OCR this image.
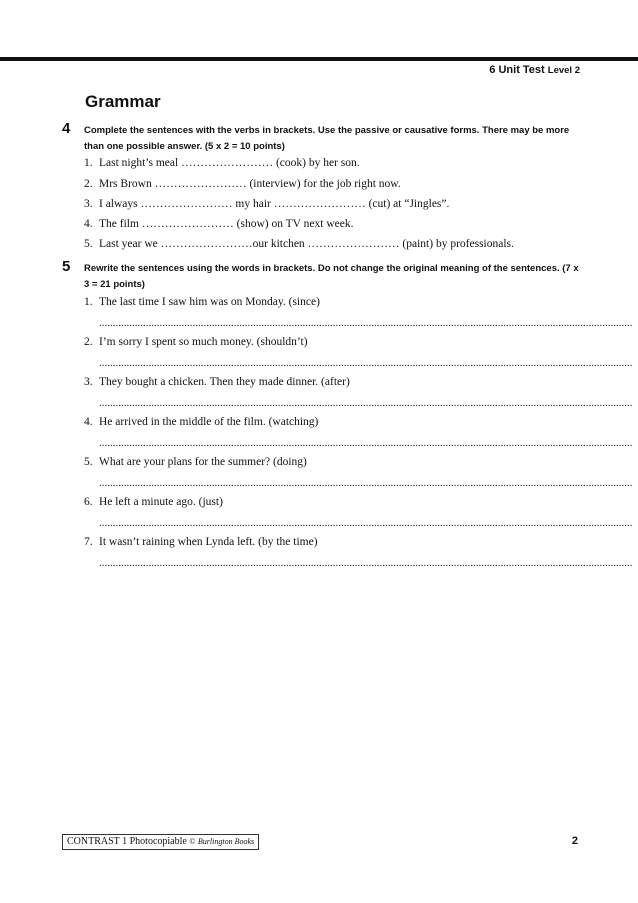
6 Unit Test Level 2
Grammar
4 Complete the sentences with the verbs in brackets. Use the passive or causative forms. There may be more than one possible answer. (5 x 2 = 10 points)
1. Last night’s meal …………………… (cook) by her son.
2. Mrs Brown …………………… (interview) for the job right now.
3. I always …………………… my hair …………………… (cut) at “Jingles”.
4. The film …………………… (show) on TV next week.
5. Last year we ……………………our kitchen …………………… (paint) by professionals.
5 Rewrite the sentences using the words in brackets. Do not change the original meaning of the sentences. (7 x 3 = 21 points)
1. The last time I saw him was on Monday. (since)
..................................................................................................................................................................................................
2. I’m sorry I spent so much money. (shouldn’t)
..................................................................................................................................................................................................
3. They bought a chicken. Then they made dinner. (after)
..................................................................................................................................................................................................
4. He arrived in the middle of the film. (watching)
..................................................................................................................................................................................................
5. What are your plans for the summer? (doing)
..................................................................................................................................................................................................
6. He left a minute ago. (just)
..................................................................................................................................................................................................
7. It wasn’t raining when Lynda left. (by the time)
..................................................................................................................................................................................................
CONTRAST 1 Photocopiable © Burlington Books	2
